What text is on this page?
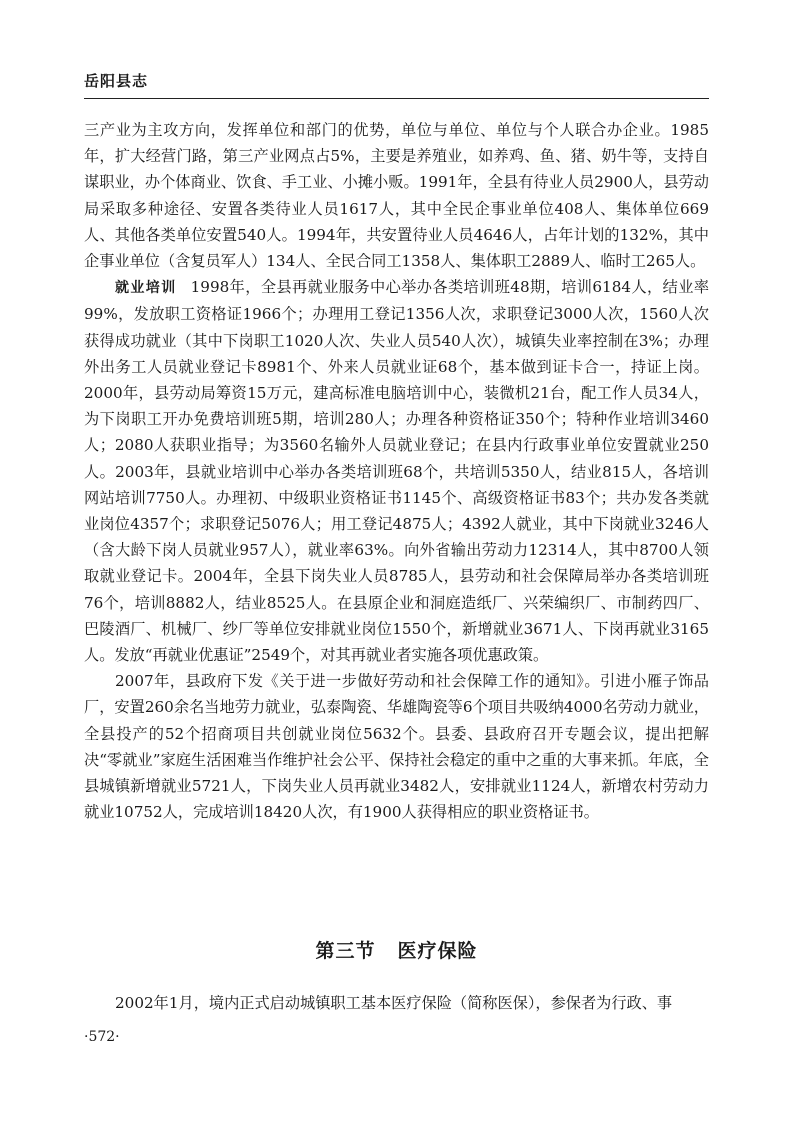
岳阳县志

三产业为主攻方向，发挥单位和部门的优势，单位与单位、单位与个人联合办企业。1985年，扩大经营门路，第三产业网点占5%，主要是养殖业，如养鸡、鱼、猪、奶牛等，支持自谋职业，办个体商业、饮食、手工业、小摊小贩。1991年，全县有待业人员2900人，县劳动局采取多种途径、安置各类待业人员1617人，其中全民企事业单位408人、集体单位669人、其他各类单位安置540人。1994年，共安置待业人员4646人，占年计划的132%，其中企事业单位（含复员军人）134人、全民合同工1358人、集体职工2889人、临时工265人。

就业培训 1998年，全县再就业服务中心举办各类培训班48期，培训6184人，结业率99%，发放职工资格证1966个；办理用工登记1356人次，求职登记3000人次，1560人次获得成功就业（其中下岗职工1020人次、失业人员540人次），城镇失业率控制在3%；办理外出务工人员就业登记卡8981个、外来人员就业证68个，基本做到证卡合一，持证上岗。2000年，县劳动局筹资15万元，建高标准电脑培训中心，装微机21台，配工作人员34人，为下岗职工开办免费培训班5期，培训280人；办理各种资格证350个；特种作业培训3460人；2080人获职业指导；为3560名输外人员就业登记；在县内行政事业单位安置就业250人。2003年，县就业培训中心举办各类培训班68个，共培训5350人，结业815人，各培训网站培训7750人。办理初、中级职业资格证书1145个、高级资格证书83个；共办发各类就业岗位4357个；求职登记5076人；用工登记4875人；4392人就业，其中下岗就业3246人（含大龄下岗人员就业957人），就业率63%。向外省输出劳动力12314人，其中8700人领取就业登记卡。2004年，全县下岗失业人员8785人，县劳动和社会保障局举办各类培训班76个，培训8882人，结业8525人。在县原企业和洞庭造纸厂、兴荣编织厂、市制药四厂、巴陵酒厂、机械厂、纱厂等单位安排就业岗位1550个，新增就业3671人、下岗再就业3165人。发放“再就业优惠证”2549个，对其再就业者实施各项优惠政策。

2007年，县政府下发《关于进一步做好劳动和社会保障工作的通知》。引进小雁子饰品厂，安置260余名当地劳力就业，弘泰陶瓷、华雄陶瓷等6个项目共吸纳4000名劳动力就业，全县投产的52个招商项目共创就业岗位5632个。县委、县政府召开专题会议，提出把解决“零就业”家庭生活困难当作维护社会公平、保持社会稳定的重中之重的大事来抓。年底，全县城镇新增就业5721人，下岗失业人员再就业3482人，安排就业1124人，新增农村劳动力就业10752人，完成培训18420人次，有1900人获得相应的职业资格证书。

第三节 医疗保险

2002年1月，境内正式启动城镇职工基本医疗保险（简称医保），参保者为行政、事

·572·
